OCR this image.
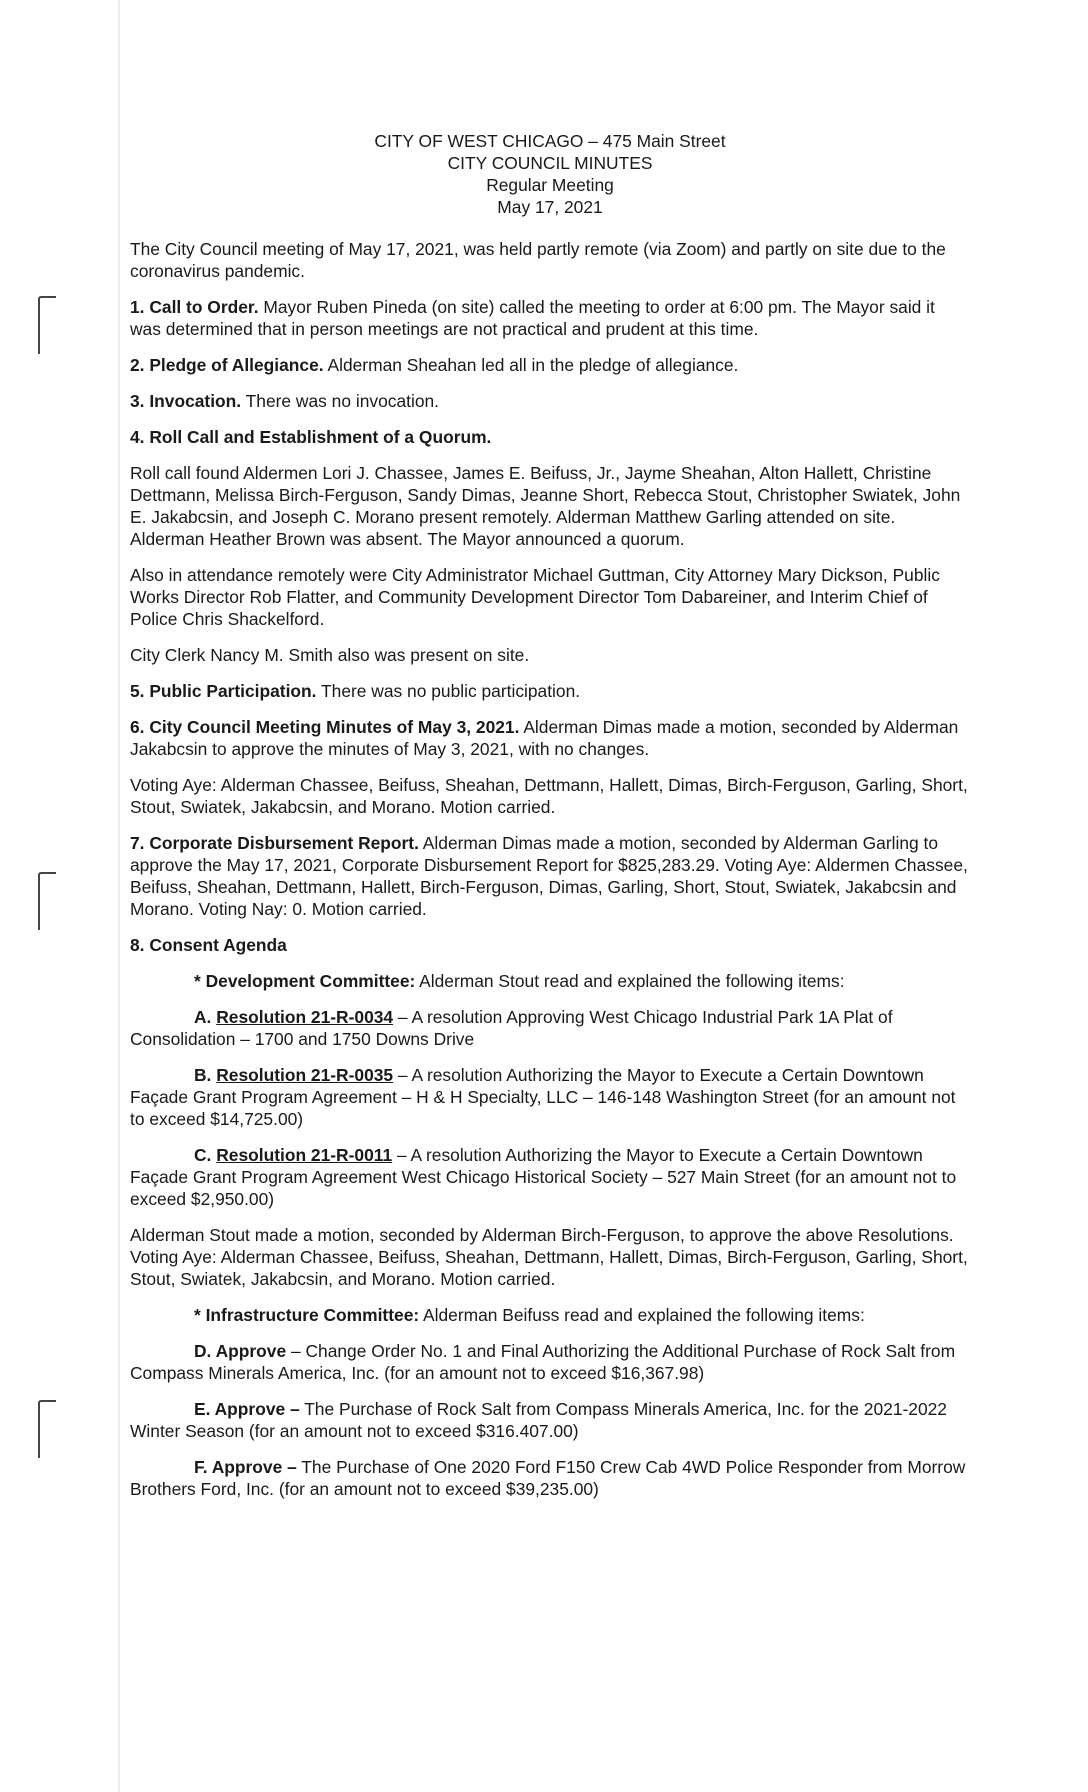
CITY OF WEST CHICAGO – 475 Main Street
CITY COUNCIL MINUTES
Regular Meeting
May 17, 2021

The City Council meeting of May 17, 2021, was held partly remote (via Zoom) and partly on site due to the coronavirus pandemic.

1. Call to Order. Mayor Ruben Pineda (on site) called the meeting to order at 6:00 pm. The Mayor said it was determined that in person meetings are not practical and prudent at this time.

2. Pledge of Allegiance. Alderman Sheahan led all in the pledge of allegiance.

3. Invocation. There was no invocation.

4. Roll Call and Establishment of a Quorum.

Roll call found Aldermen Lori J. Chassee, James E. Beifuss, Jr., Jayme Sheahan, Alton Hallett, Christine Dettmann, Melissa Birch-Ferguson, Sandy Dimas, Jeanne Short, Rebecca Stout, Christopher Swiatek, John E. Jakabcsin, and Joseph C. Morano present remotely. Alderman Matthew Garling attended on site. Alderman Heather Brown was absent. The Mayor announced a quorum.

Also in attendance remotely were City Administrator Michael Guttman, City Attorney Mary Dickson, Public Works Director Rob Flatter, and Community Development Director Tom Dabareiner, and Interim Chief of Police Chris Shackelford.

City Clerk Nancy M. Smith also was present on site.

5. Public Participation. There was no public participation.

6. City Council Meeting Minutes of May 3, 2021. Alderman Dimas made a motion, seconded by Alderman Jakabcsin to approve the minutes of May 3, 2021, with no changes.

Voting Aye: Alderman Chassee, Beifuss, Sheahan, Dettmann, Hallett, Dimas, Birch-Ferguson, Garling, Short, Stout, Swiatek, Jakabcsin, and Morano. Motion carried.

7. Corporate Disbursement Report. Alderman Dimas made a motion, seconded by Alderman Garling to approve the May 17, 2021, Corporate Disbursement Report for $825,283.29. Voting Aye: Aldermen Chassee, Beifuss, Sheahan, Dettmann, Hallett, Birch-Ferguson, Dimas, Garling, Short, Stout, Swiatek, Jakabcsin and Morano. Voting Nay: 0. Motion carried.

8. Consent Agenda

* Development Committee: Alderman Stout read and explained the following items:

A. Resolution 21-R-0034 – A resolution Approving West Chicago Industrial Park 1A Plat of Consolidation – 1700 and 1750 Downs Drive

B. Resolution 21-R-0035 – A resolution Authorizing the Mayor to Execute a Certain Downtown Façade Grant Program Agreement – H & H Specialty, LLC – 146-148 Washington Street (for an amount not to exceed $14,725.00)

C. Resolution 21-R-0011 – A resolution Authorizing the Mayor to Execute a Certain Downtown Façade Grant Program Agreement West Chicago Historical Society – 527 Main Street (for an amount not to exceed $2,950.00)

Alderman Stout made a motion, seconded by Alderman Birch-Ferguson, to approve the above Resolutions. Voting Aye: Alderman Chassee, Beifuss, Sheahan, Dettmann, Hallett, Dimas, Birch-Ferguson, Garling, Short, Stout, Swiatek, Jakabcsin, and Morano. Motion carried.

* Infrastructure Committee: Alderman Beifuss read and explained the following items:

D. Approve – Change Order No. 1 and Final Authorizing the Additional Purchase of Rock Salt from Compass Minerals America, Inc. (for an amount not to exceed $16,367.98)

E. Approve – The Purchase of Rock Salt from Compass Minerals America, Inc. for the 2021-2022 Winter Season (for an amount not to exceed $316.407.00)

F. Approve – The Purchase of One 2020 Ford F150 Crew Cab 4WD Police Responder from Morrow Brothers Ford, Inc. (for an amount not to exceed $39,235.00)
